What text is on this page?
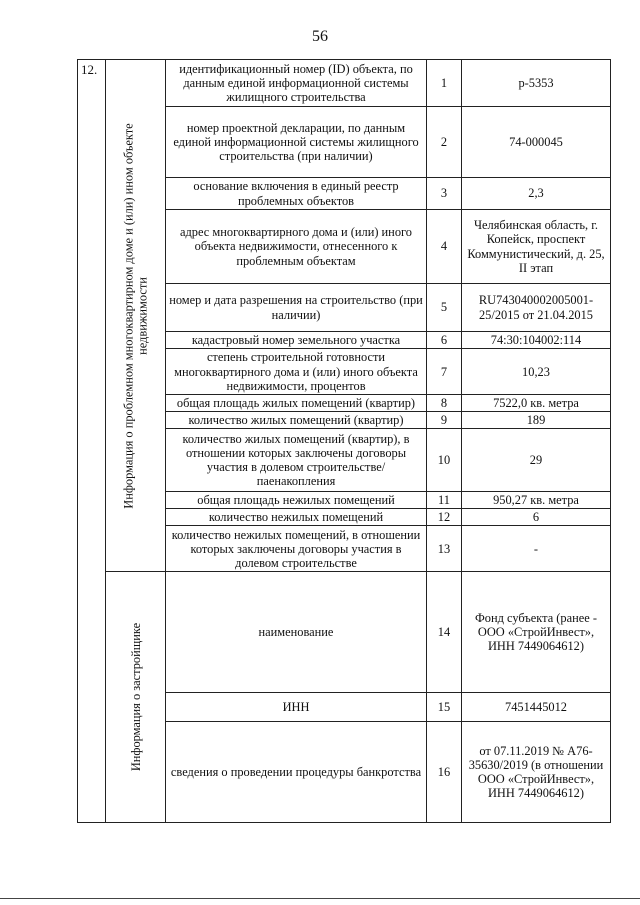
56
12.	Информация о проблемном многоквартирном доме и (или) ином объекте недвижимости	идентификационный номер (ID) объекта, по данным единой информационной системы жилищного строительства	1	р-5353
		номер проектной декларации, по данным единой информационной системы жилищного строительства (при наличии)	2	74-000045
		основание включения в единый реестр проблемных объектов	3	2,3
		адрес многоквартирного дома и (или) иного объекта недвижимости, отнесенного к проблемным объектам	4	Челябинская область, г. Копейск, проспект Коммунистический, д. 25, II этап
		номер и дата разрешения на строительство (при наличии)	5	RU743040002005001-25/2015 от 21.04.2015
		кадастровый номер земельного участка	6	74:30:104002:114
		степень строительной готовности многоквартирного дома и (или) иного объекта недвижимости, процентов	7	10,23
		общая площадь жилых помещений (квартир)	8	7522,0 кв. метра
		количество жилых помещений (квартир)	9	189
		количество жилых помещений (квартир), в отношении которых заключены договоры участия в долевом строительстве/паенакопления	10	29
		общая площадь нежилых помещений	11	950,27 кв. метра
		количество нежилых помещений	12	6
		количество нежилых помещений, в отношении которых заключены договоры участия в долевом строительстве	13	-

	Информация о застройщике	наименование	14	Фонд субъекта (ранее - ООО «СтройИнвест», ИНН 7449064612)
		ИНН	15	7451445012
		сведения о проведении процедуры банкротства	16	от 07.11.2019 № А76-35630/2019 (в отношении ООО «СтройИнвест», ИНН 7449064612)
